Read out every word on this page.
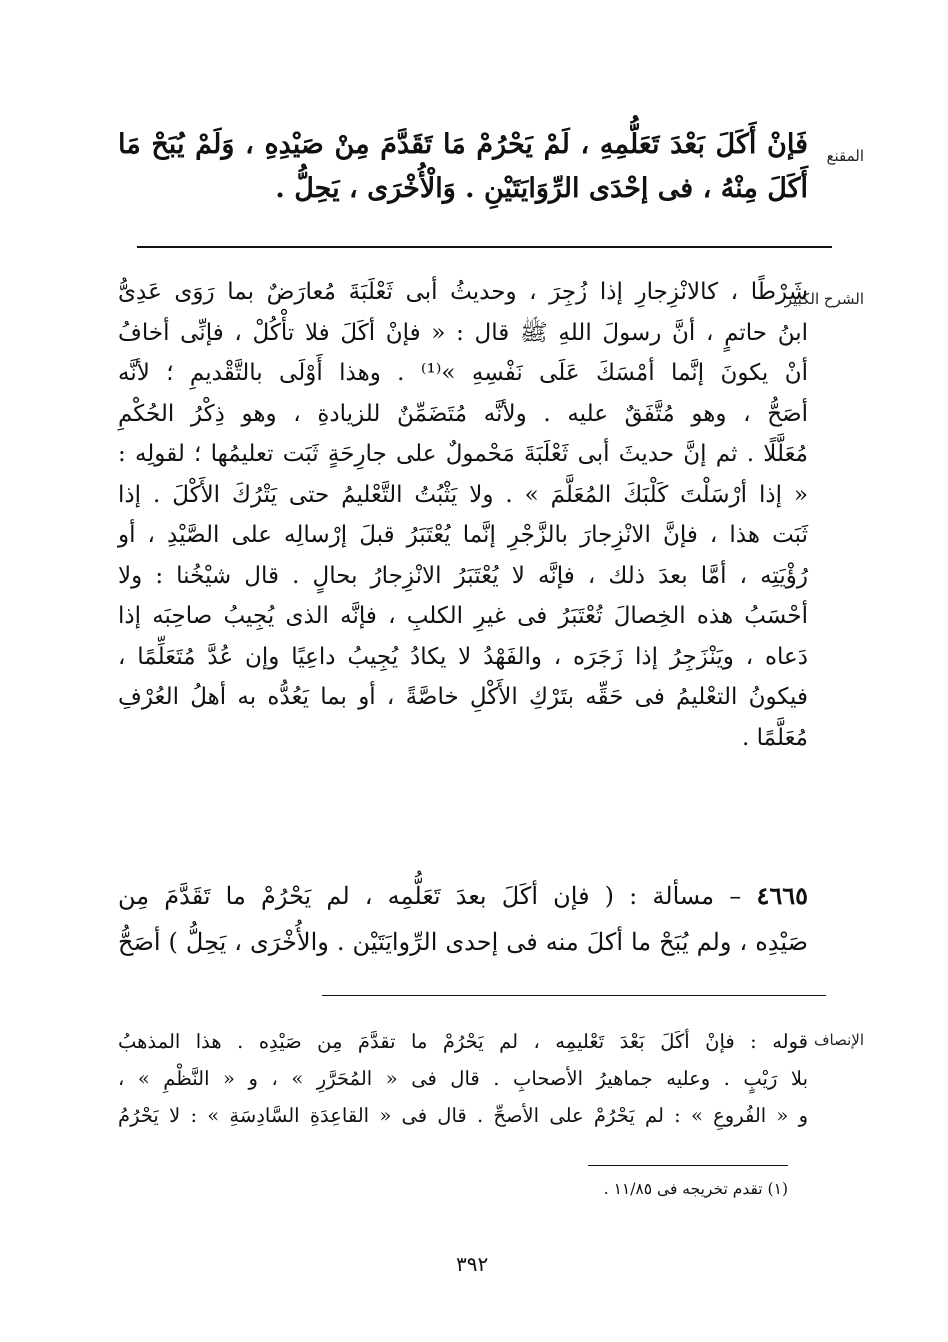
المقنع
فَإنْ أَكَلَ بَعْدَ تَعَلُّمِهِ ، لَمْ يَحْرُمْ مَا تَقَدَّمَ مِنْ صَيْدِهِ ، وَلَمْ يُبَحْ مَا
أَكَلَ مِنْهُ ، فى إحْدَى الرِّوَايَتَيْنِ . وَالْأُخْرَى ، يَحِلُّ .
الشرح الكبير
شَرْطًا ، كالانْزِجارِ إذا زُجِرَ ، وحديثُ أبى ثَعْلَبَةَ مُعارَضٌ بما رَوَى عَدِىُّ
ابنُ حاتمٍ ، أنَّ رسولَ اللهِ ﷺ قال : « فإنْ أكَلَ فلا تأْكُلْ ، فإنِّى أخافُ
أنْ يكونَ إنَّما أمْسَكَ عَلَى نَفْسِهِ »⁽¹⁾ . وهذا أَوْلَى بالتَّقْديمِ ؛ لأنَّه
أصَحُّ ، وهو مُتَّفَقٌ عليه . ولأنَّه مُتَضَمِّنٌ للزيادةِ ، وهو ذِكْرُ الحُكْمِ
مُعَلَّلًا . ثم إنَّ حديثَ أبى ثَعْلَبَةَ مَحْمولٌ على جارِحَةٍ ثَبَت تعليمُها ؛ لقولِه :
« إذا أرْسَلْتَ كَلْبَكَ المُعَلَّمَ » . ولا يَثْبُتُ التَّعْليمُ حتى يَتْرُكَ الأَكْلَ . إذا
ثَبَت هذا ، فإنَّ الانْزِجارَ بالزَّجْرِ إنَّما يُعْتَبَرُ قبلَ إرْسالِه على الصَّيْدِ ، أو
رُؤْيَتِه ، أمَّا بعدَ ذلك ، فإنَّه لا يُعْتَبَرُ الانْزِجارُ بحالٍ . قال شيْخُنا : ولا
أحْسَبُ هذه الخِصالَ تُعْتَبَرُ فى غيرِ الكلبِ ، فإنَّه الذى يُجِيبُ صاحِبَه إذا
دَعاه ، ويَنْزَجِرُ إذا زَجَرَه ، والفَهْدُ لا يكادُ يُجِيبُ داعِيًا وإن عُدَّ مُتَعَلِّمًا ،
فيكونُ التعْليمُ فى حَقِّه بتَرْكِ الأَكْلِ خاصَّةً ، أو بما يَعُدُّه به أهلُ العُرْفِ
مُعَلَّمًا .
٤٦٦٥ – مسألة : ( فإن أكَلَ بعدَ تَعَلُّمِه ، لم يَحْرُمْ ما تَقَدَّمَ مِن
صَيْدِه ، ولم يُبَحْ ما أكلَ منه فى إحدى الرِّوايَتَيْن . والأُخْرَى ، يَحِلُّ ) أصَحُّ
الإنصاف
قوله : فإنْ أكَلَ بَعْدَ تَعْليمِه ، لم يَحْرُمْ ما تقدَّمَ مِن صَيْدِه . هذا المذهبُ
بلا رَيْبٍ . وعليه جماهيرُ الأصحابِ . قال فى « المُحَرَّرِ » ، و « النَّظْمِ » ،
و « الفُروعِ » : لم يَحْرُمْ على الأصحِّ . قال فى « القاعِدَةِ السَّادِسَةِ » : لا يَحْرُمُ
(١) تقدم تخريجه فى ١١/٨٥ .
٣٩٢
